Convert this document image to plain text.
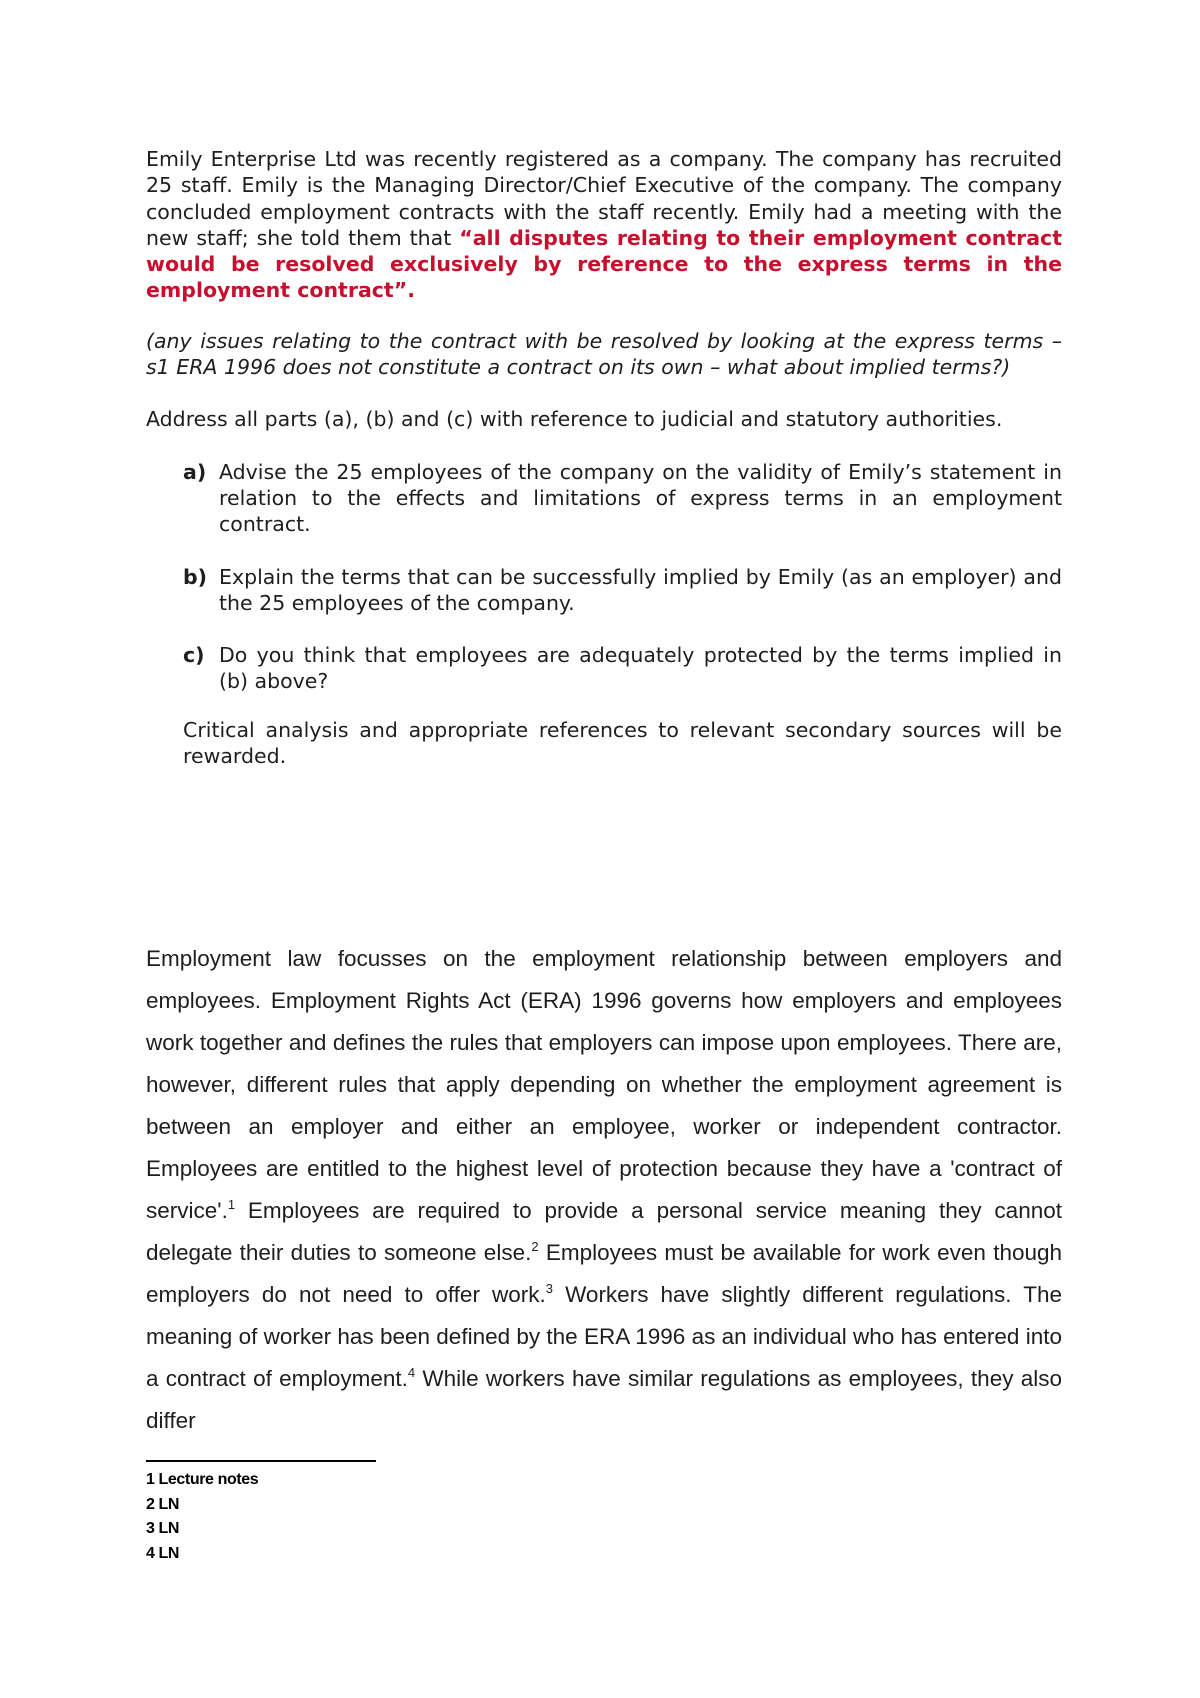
Emily Enterprise Ltd was recently registered as a company. The company has recruited 25 staff. Emily is the Managing Director/Chief Executive of the company. The company concluded employment contracts with the staff recently. Emily had a meeting with the new staff; she told them that “all disputes relating to their employment contract would be resolved exclusively by reference to the express terms in the employment contract”.

(any issues relating to the contract with be resolved by looking at the express terms – s1 ERA 1996 does not constitute a contract on its own – what about implied terms?)

Address all parts (a), (b) and (c) with reference to judicial and statutory authorities.

a) Advise the 25 employees of the company on the validity of Emily’s statement in relation to the effects and limitations of express terms in an employment contract.
b) Explain the terms that can be successfully implied by Emily (as an employer) and the 25 employees of the company.
c) Do you think that employees are adequately protected by the terms implied in (b) above?

Critical analysis and appropriate references to relevant secondary sources will be rewarded.

Employment law focusses on the employment relationship between employers and employees. Employment Rights Act (ERA) 1996 governs how employers and employees work together and defines the rules that employers can impose upon employees. There are, however, different rules that apply depending on whether the employment agreement is between an employer and either an employee, worker or independent contractor. Employees are entitled to the highest level of protection because they have a 'contract of service'.$^1$ Employees are required to provide a personal service meaning they cannot delegate their duties to someone else.$^2$ Employees must be available for work even though employers do not need to offer work.$^3$ Workers have slightly different regulations. The meaning of worker has been defined by the ERA 1996 as an individual who has entered into a contract of employment.$^4$ While workers have similar regulations as employees, they also differ

1 Lecture notes
2 LN
3 LN
4 LN
